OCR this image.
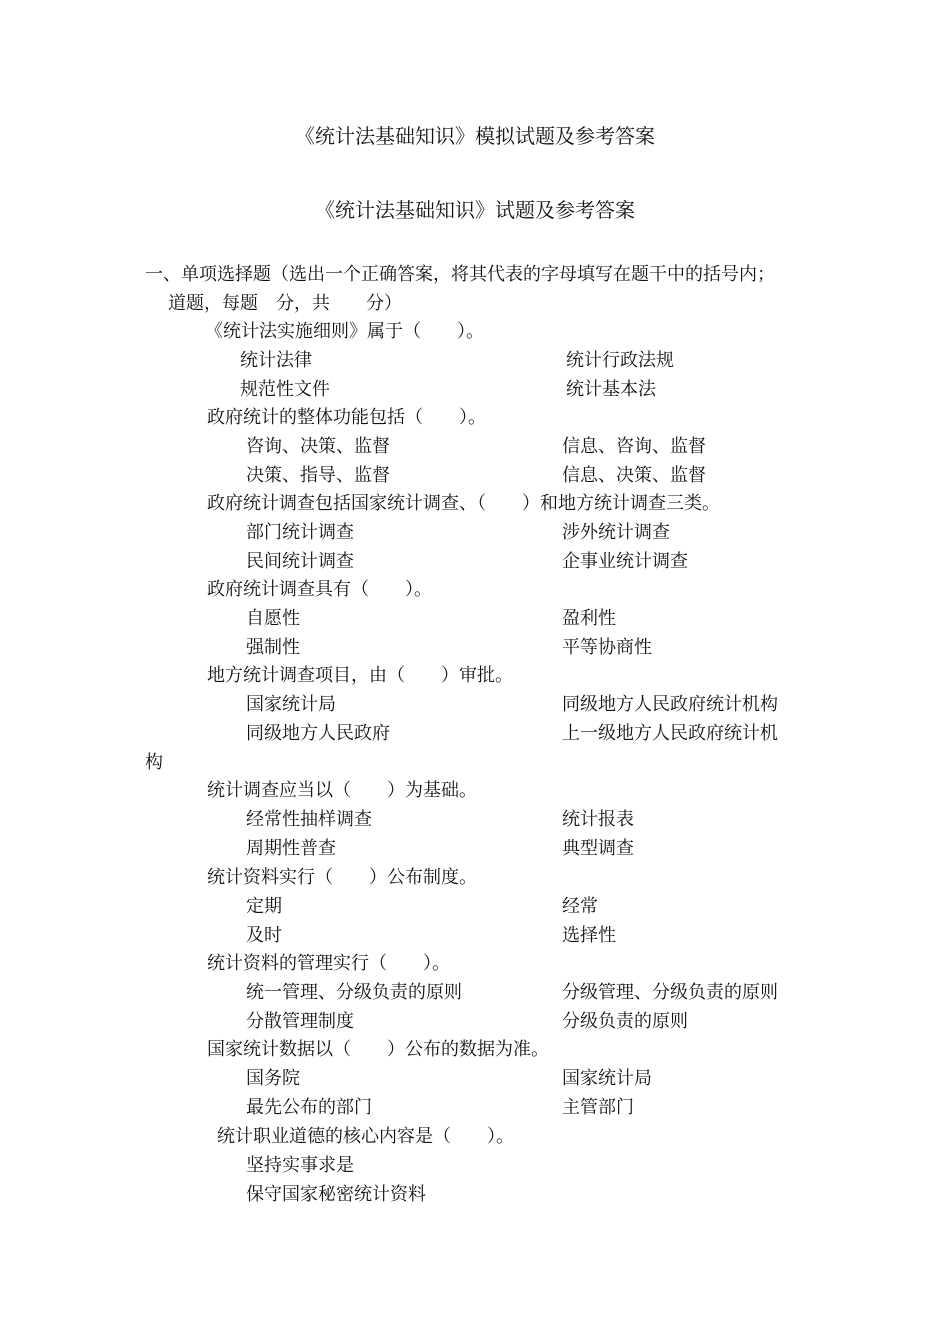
《统计法基础知识》模拟试题及参考答案
《统计法基础知识》试题及参考答案
一、单项选择题（选出一个正确答案，将其代表的字母填写在题干中的括号内；
道题，每题　分，共　　分）
《统计法实施细则》属于（　　）。
统计法律	统计行政法规
规范性文件	统计基本法
政府统计的整体功能包括（　　）。
咨询、决策、监督	信息、咨询、监督
决策、指导、监督	信息、决策、监督
政府统计调查包括国家统计调查、（　　）和地方统计调查三类。
部门统计调查	涉外统计调查
民间统计调查	企事业统计调查
政府统计调查具有（　　）。
自愿性	盈利性
强制性	平等协商性
地方统计调查项目，由（　　）审批。
国家统计局	同级地方人民政府统计机构
同级地方人民政府	上一级地方人民政府统计机
构
统计调查应当以（　　）为基础。
经常性抽样调查	统计报表
周期性普查	典型调查
统计资料实行（　　）公布制度。
定期	经常
及时	选择性
统计资料的管理实行（　　）。
统一管理、分级负责的原则	分级管理、分级负责的原则
分散管理制度	分级负责的原则
国家统计数据以（　　）公布的数据为准。
国务院	国家统计局
最先公布的部门	主管部门
统计职业道德的核心内容是（　　）。
坚持实事求是
保守国家秘密统计资料
